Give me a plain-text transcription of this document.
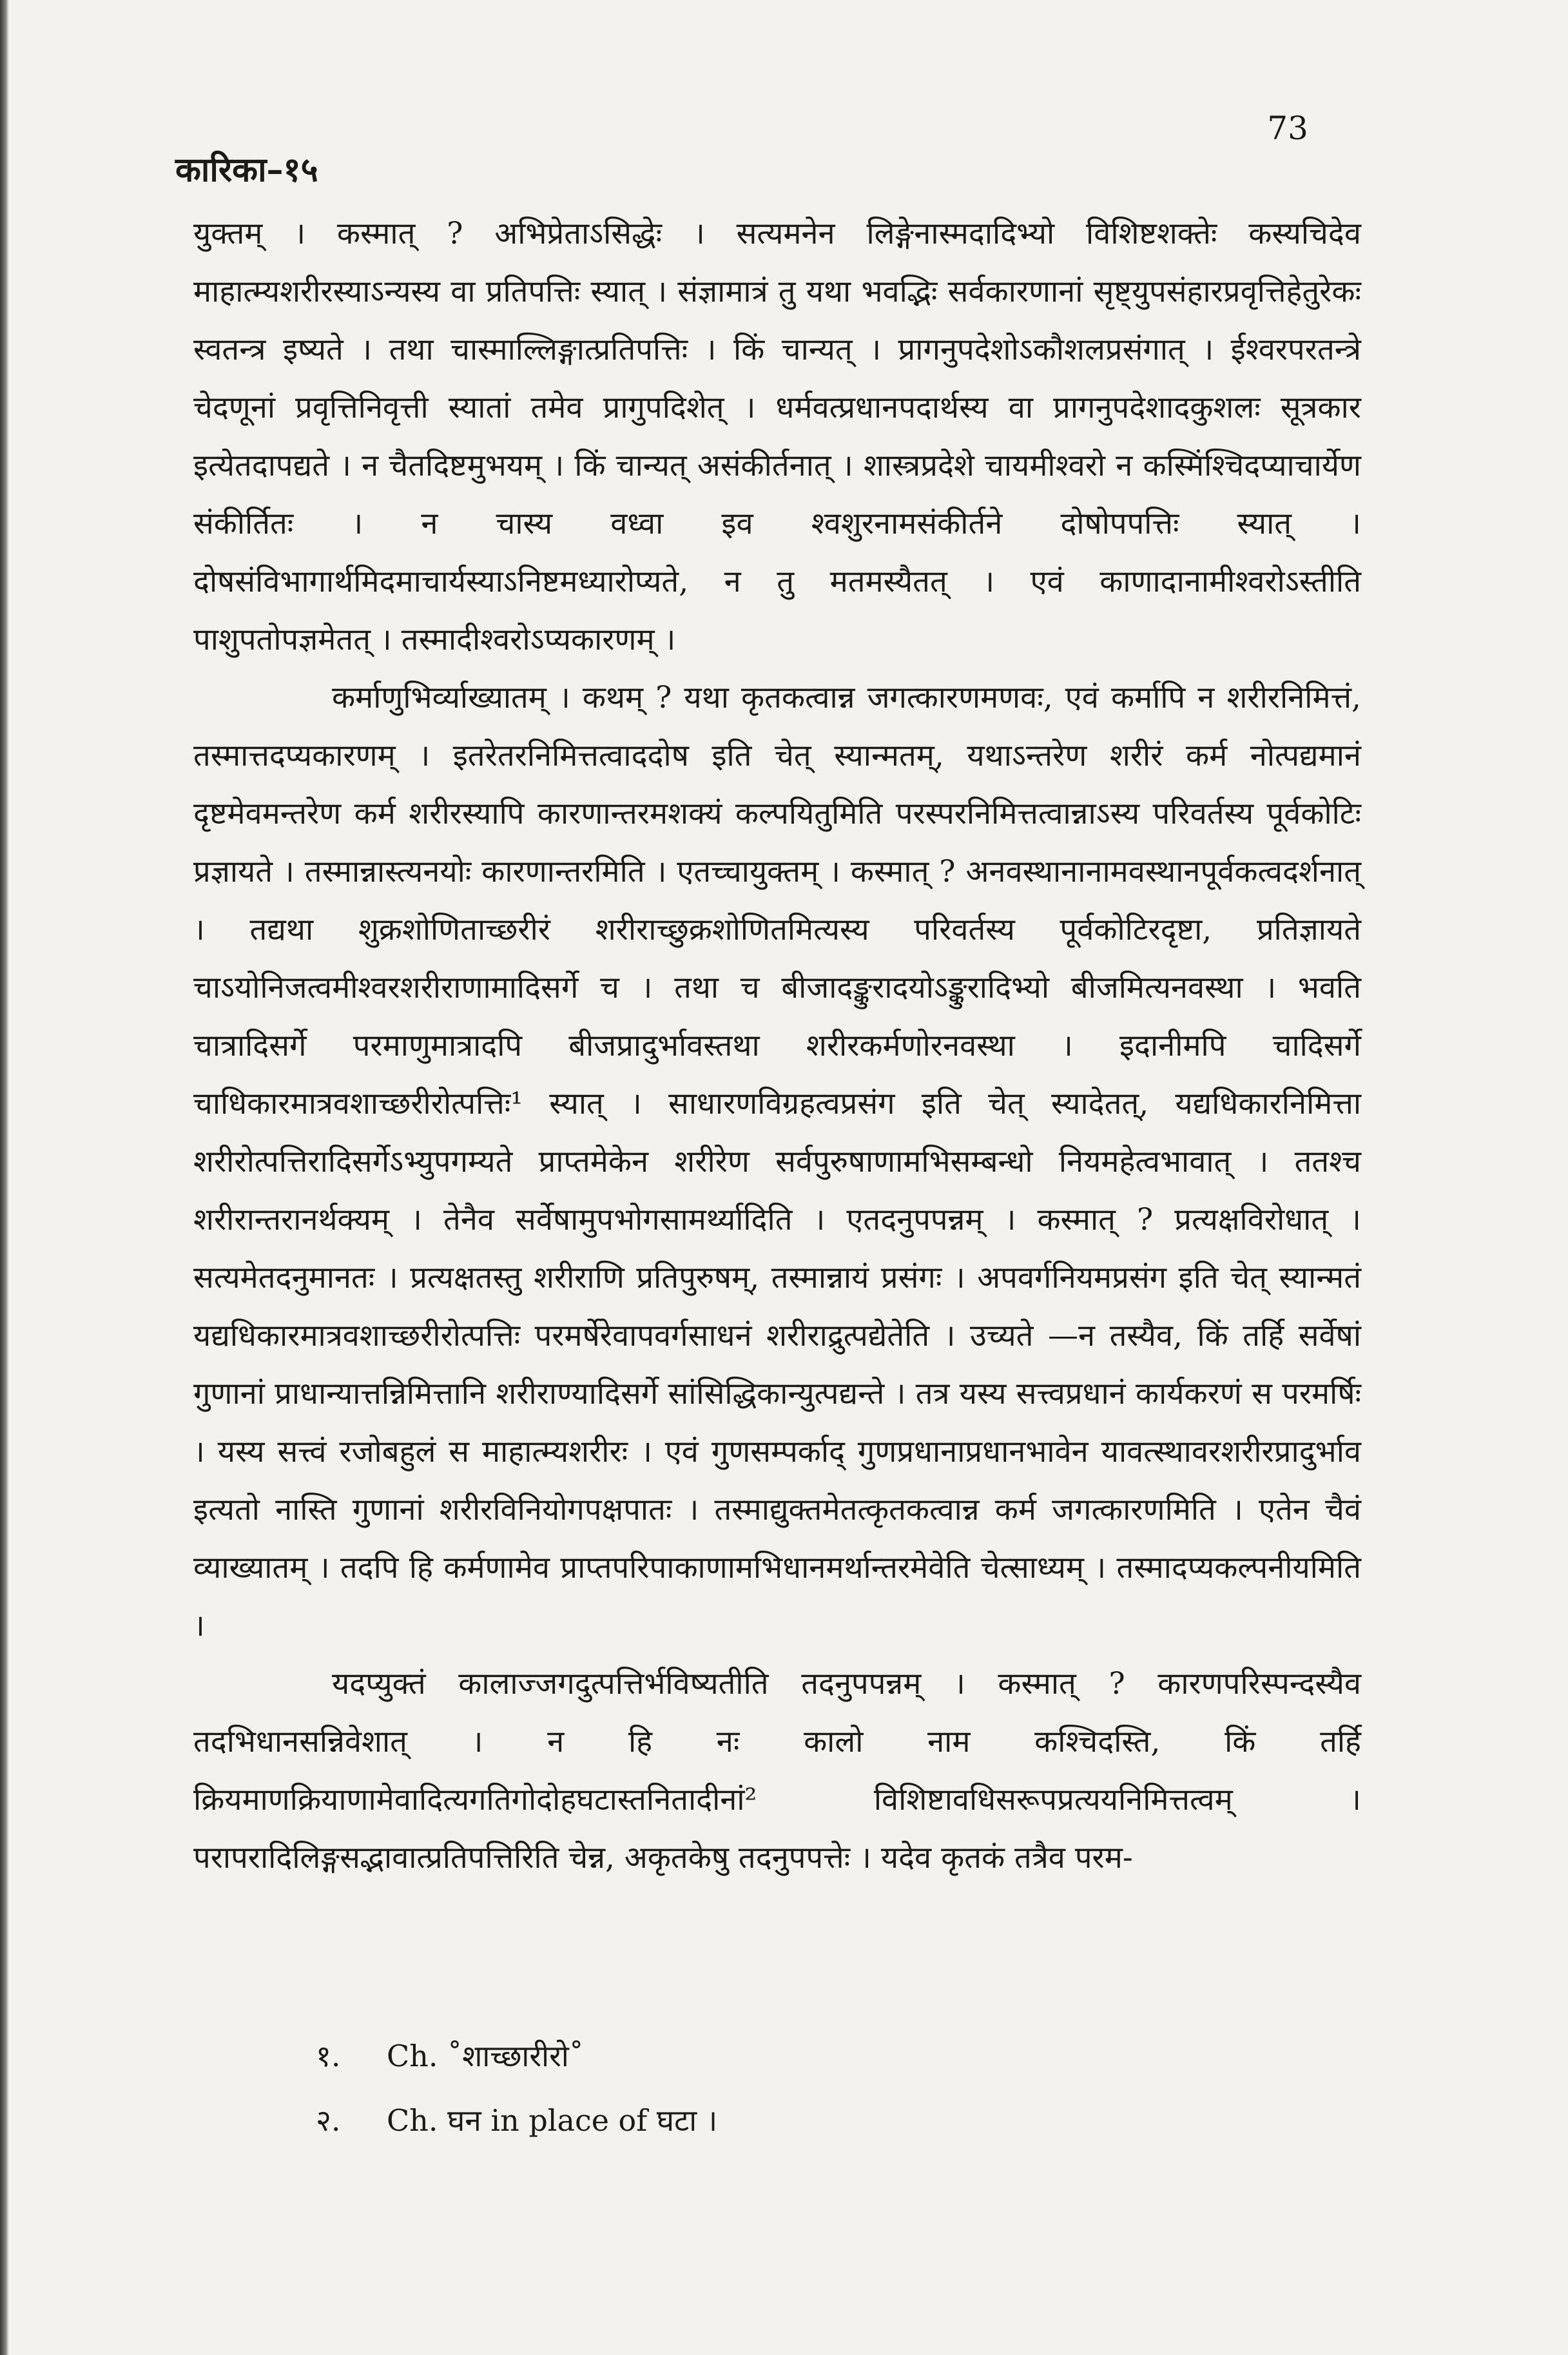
73
कारिका–१५

युक्तम् । कस्मात् ? अभिप्रेताऽसिद्धेः । सत्यमनेन लिङ्गेनास्मदादिभ्यो विशिष्टशक्तेः कस्यचिदेव माहात्म्यशरीरस्याऽन्यस्य वा प्रतिपत्तिः स्यात् । संज्ञामात्रं तु यथा भवद्भिः सर्वकारणानां सृष्ट्युपसंहारप्रवृत्तिहेतुरेकः स्वतन्त्र इष्यते । तथा चास्माल्लिङ्गात्प्रतिपत्तिः । किं चान्यत् । प्रागनुपदेशोऽकौशलप्रसंगात् । ईश्वरपरतन्त्रे चेदणूनां प्रवृत्तिनिवृत्ती स्यातां तमेव प्रागुपदिशेत् । धर्मवत्प्रधानपदार्थस्य वा प्रागनुपदेशादकुशलः सूत्रकार इत्येतदापद्यते । न चैतदिष्टमुभयम् । किं चान्यत् असंकीर्तनात् । शास्त्रप्रदेशे चायमीश्वरो न कस्मिंश्चिदप्याचार्येण संकीर्तितः । न चास्य वध्वा इव श्वशुरनामसंकीर्तने दोषोपपत्तिः स्यात् । दोषसंविभागार्थमिदमाचार्यस्याऽनिष्टमध्यारोप्यते, न तु मतमस्यैतत् । एवं काणादानामीश्वरोऽस्तीति पाशुपतोपज्ञमेतत् । तस्मादीश्वरोऽप्यकारणम् ।

कर्माणुभिर्व्याख्यातम् । कथम् ? यथा कृतकत्वान्न जगत्कारणमणवः, एवं कर्मापि न शरीरनिमित्तं, तस्मात्तदप्यकारणम् । इतरेतरनिमित्तत्वाददोष इति चेत् स्यान्मतम्, यथाऽन्तरेण शरीरं कर्म नोत्पद्यमानं दृष्टमेवमन्तरेण कर्म शरीरस्यापि कारणान्तरमशक्यं कल्पयितुमिति परस्परनिमित्तत्वान्नाऽस्य परिवर्तस्य पूर्वकोटिः प्रज्ञायते । तस्मान्नास्त्यनयोः कारणान्तरमिति । एतच्चायुक्तम् । कस्मात् ? अनवस्थानानामवस्थानपूर्वकत्वदर्शनात् । तद्यथा शुक्रशोणिताच्छरीरं शरीराच्छुक्रशोणितमित्यस्य परिवर्तस्य पूर्वकोटिरदृष्टा, प्रतिज्ञायते चाऽयोनिजत्वमीश्वरशरीराणामादिसर्गे च । तथा च बीजादङ्कुरादयोऽङ्कुरादिभ्यो बीजमित्यनवस्था । भवति चात्रादिसर्गे परमाणुमात्रादपि बीजप्रादुर्भावस्तथा शरीरकर्मणोरनवस्था । इदानीमपि चादिसर्गे चाधिकारमात्रवशाच्छरीरोत्पत्तिः¹ स्यात् । साधारणविग्रहत्वप्रसंग इति चेत् स्यादेतत्, यद्यधिकारनिमित्ता शरीरोत्पत्तिरादिसर्गेऽभ्युपगम्यते प्राप्तमेकेन शरीरेण सर्वपुरुषाणामभिसम्बन्धो नियमहेत्वभावात् । ततश्च शरीरान्तरानर्थक्यम् । तेनैव सर्वेषामुपभोगसामर्थ्यादिति । एतदनुपपन्नम् । कस्मात् ? प्रत्यक्षविरोधात् । सत्यमेतदनुमानतः । प्रत्यक्षतस्तु शरीराणि प्रतिपुरुषम्, तस्मान्नायं प्रसंगः । अपवर्गनियमप्रसंग इति चेत् स्यान्मतं यद्यधिकारमात्रवशाच्छरीरोत्पत्तिः परमर्षेरेवापवर्गसाधनं शरीराद्रुत्पद्येतेति । उच्यते —न तस्यैव, किं तर्हि सर्वेषां गुणानां प्राधान्यात्तन्निमित्तानि शरीराण्यादिसर्गे सांसिद्धिकान्युत्पद्यन्ते । तत्र यस्य सत्त्वप्रधानं कार्यकरणं स परमर्षिः । यस्य सत्त्वं रजोबहुलं स माहात्म्यशरीरः । एवं गुणसम्पर्काद् गुणप्रधानाप्रधानभावेन यावत्स्थावरशरीरप्रादुर्भाव इत्यतो नास्ति गुणानां शरीरविनियोगपक्षपातः । तस्माद्युक्तमेतत्कृतकत्वान्न कर्म जगत्कारणमिति । एतेन चैवं व्याख्यातम् । तदपि हि कर्मणामेव प्राप्तपरिपाकाणामभिधानमर्थान्तरमेवेति चेत्साध्यम् । तस्मादप्यकल्पनीयमिति ।

यदप्युक्तं कालाज्जगदुत्पत्तिर्भविष्यतीति तदनुपपन्नम् । कस्मात् ? कारणपरिस्पन्दस्यैव तदभिधानसन्निवेशात् । न हि नः कालो नाम कश्चिदस्ति, किं तर्हि क्रियमाणक्रियाणामेवादित्यगतिगोदोहघटास्तनितादीनां² विशिष्टावधिसरूपप्रत्ययनिमित्तत्वम् । परापरादिलिङ्गसद्भावात्प्रतिपत्तिरिति चेन्न, अकृतकेषु तदनुपपत्तेः । यदेव कृतकं तत्रैव परम-

१.	Ch. ˚शाच्छारीरो˚
२.	Ch. घन in place of घटा ।
